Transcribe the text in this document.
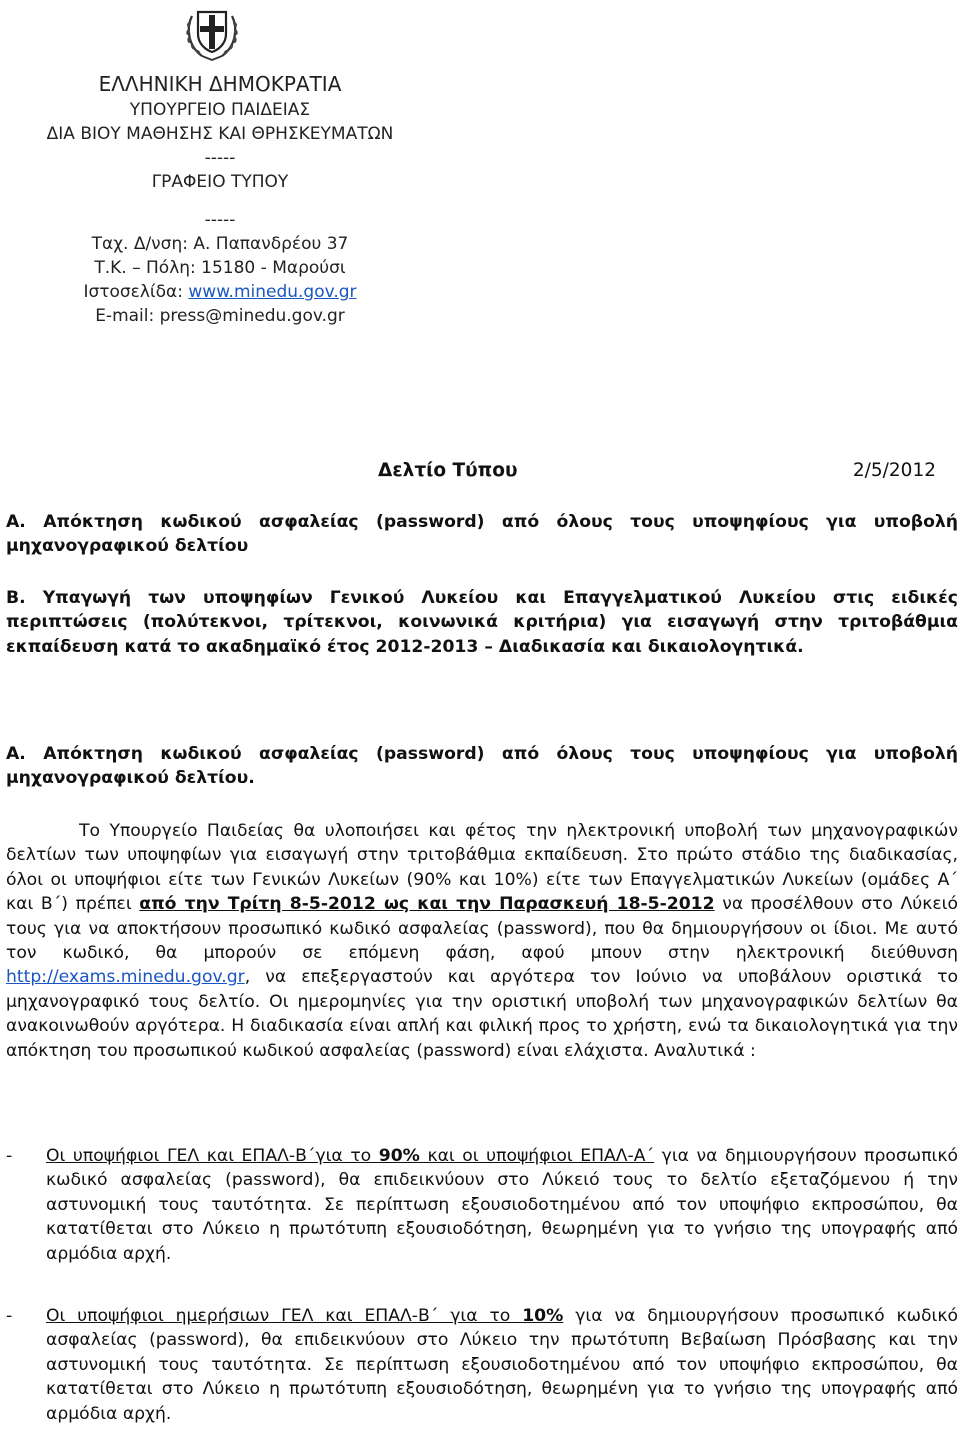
ΕΛΛΗΝΙΚΗ ΔΗΜΟΚΡΑΤΙΑ
ΥΠΟΥΡΓΕΙΟ ΠΑΙΔΕΙΑΣ
ΔΙΑ ΒΙΟΥ ΜΑΘΗΣΗΣ ΚΑΙ ΘΡΗΣΚΕΥΜΑΤΩΝ
-----
ΓΡΑΦΕΙΟ ΤΥΠΟΥ
-----
Ταχ. Δ/νση: Α. Παπανδρέου 37
Τ.Κ. – Πόλη: 15180 - Μαρούσι
Ιστοσελίδα: www.minedu.gov.gr
E-mail: press@minedu.gov.gr
Δελτίο Τύπου	2/5/2012
Α. Απόκτηση κωδικού ασφαλείας (password) από όλους τους υποψηφίους για υποβολή μηχανογραφικού δελτίου
Β. Υπαγωγή των υποψηφίων Γενικού Λυκείου και Επαγγελματικού Λυκείου στις ειδικές περιπτώσεις (πολύτεκνοι, τρίτεκνοι, κοινωνικά κριτήρια) για εισαγωγή στην τριτοβάθμια εκπαίδευση κατά το ακαδημαϊκό έτος 2012-2013 – Διαδικασία και δικαιολογητικά.
Α. Απόκτηση κωδικού ασφαλείας (password) από όλους τους υποψηφίους για υποβολή μηχανογραφικού δελτίου.
Το Υπουργείο Παιδείας θα υλοποιήσει και φέτος την ηλεκτρονική υποβολή των μηχανογραφικών δελτίων των υποψηφίων για εισαγωγή στην τριτοβάθμια εκπαίδευση. Στο πρώτο στάδιο της διαδικασίας, όλοι οι υποψήφιοι είτε των Γενικών Λυκείων (90% και 10%) είτε των Επαγγελματικών Λυκείων (ομάδες Α΄ και Β΄) πρέπει από την Τρίτη 8-5-2012 ως και την Παρασκευή 18-5-2012 να προσέλθουν στο Λύκειό τους για να αποκτήσουν προσωπικό κωδικό ασφαλείας (password), που θα δημιουργήσουν οι ίδιοι. Με αυτό τον κωδικό, θα μπορούν σε επόμενη φάση, αφού μπουν στην ηλεκτρονική διεύθυνση http://exams.minedu.gov.gr, να επεξεργαστούν και αργότερα τον Ιούνιο να υποβάλουν οριστικά το μηχανογραφικό τους δελτίο. Οι ημερομηνίες για την οριστική υποβολή των μηχανογραφικών δελτίων θα ανακοινωθούν αργότερα. Η διαδικασία είναι απλή και φιλική προς το χρήστη, ενώ τα δικαιολογητικά για την απόκτηση του προσωπικού κωδικού ασφαλείας (password) είναι ελάχιστα. Αναλυτικά :
- Οι υποψήφιοι ΓΕΛ και ΕΠΑΛ-Β΄για το 90% και οι υποψήφιοι ΕΠΑΛ-Α΄ για να δημιουργήσουν προσωπικό κωδικό ασφαλείας (password), θα επιδεικνύουν στο Λύκειό τους το δελτίο εξεταζόμενου ή την αστυνομική τους ταυτότητα. Σε περίπτωση εξουσιοδοτημένου από τον υποψήφιο εκπροσώπου, θα κατατίθεται στο Λύκειο η πρωτότυπη εξουσιοδότηση, θεωρημένη για το γνήσιο της υπογραφής από αρμόδια αρχή.
- Οι υποψήφιοι ημερήσιων ΓΕΛ και ΕΠΑΛ-Β΄ για το 10% για να δημιουργήσουν προσωπικό κωδικό ασφαλείας (password), θα επιδεικνύουν στο Λύκειο την πρωτότυπη Βεβαίωση Πρόσβασης και την αστυνομική τους ταυτότητα. Σε περίπτωση εξουσιοδοτημένου από τον υποψήφιο εκπροσώπου, θα κατατίθεται στο Λύκειο η πρωτότυπη εξουσιοδότηση, θεωρημένη για το γνήσιο της υπογραφής από αρμόδια αρχή.
